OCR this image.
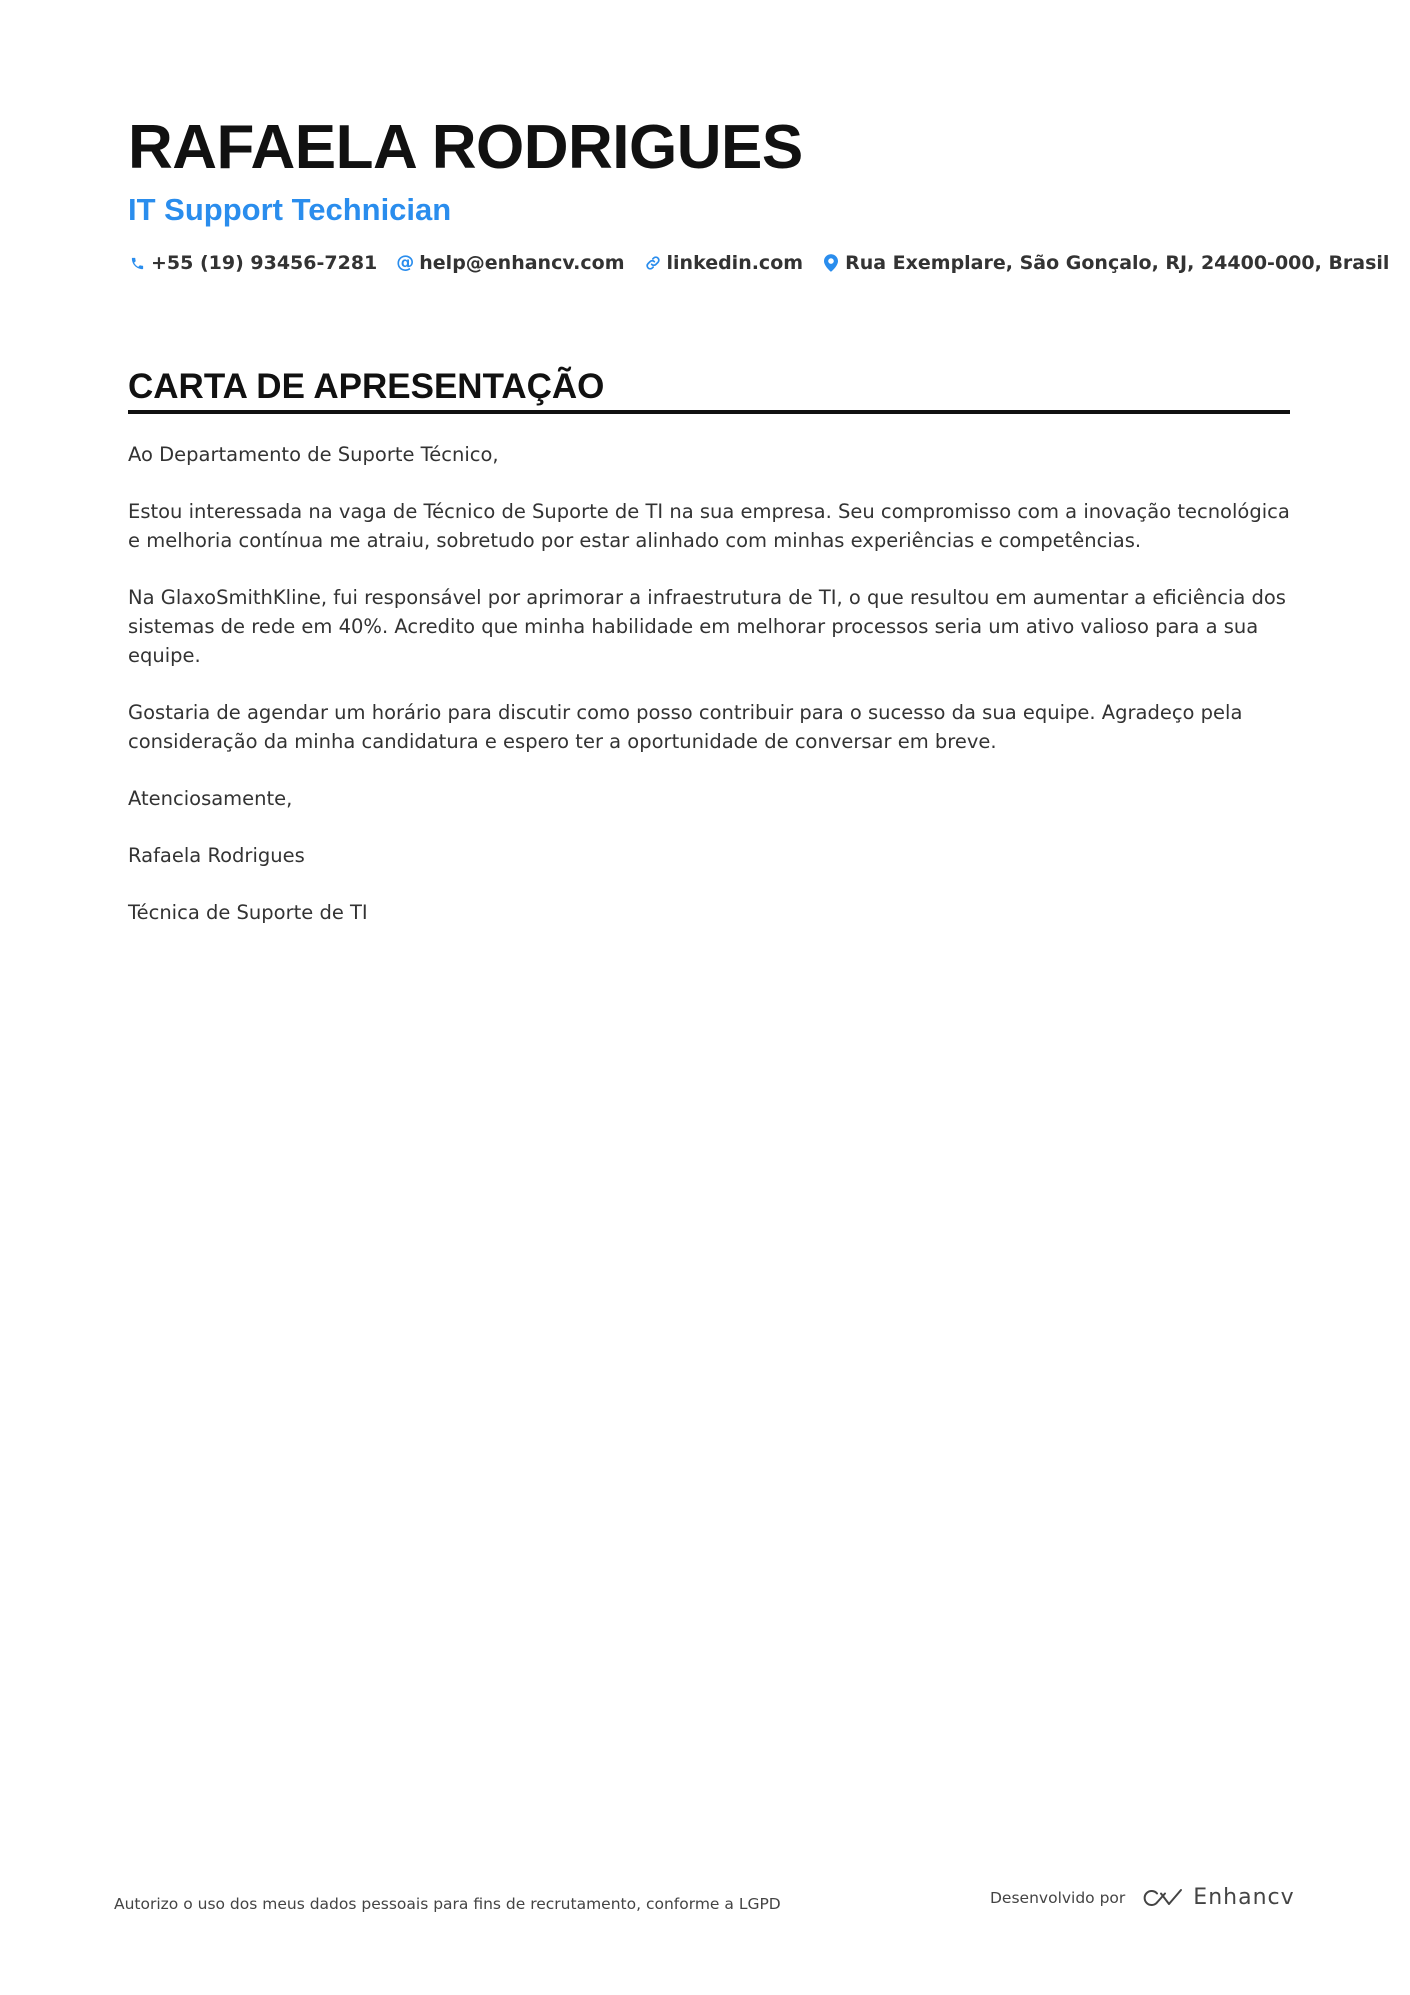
RAFAELA RODRIGUES
IT Support Technician
+55 (19) 93456-7281 @ help@enhancv.com linkedin.com Rua Exemplare, São Gonçalo, RJ, 24400-000, Brasil
CARTA DE APRESENTAÇÃO

Ao Departamento de Suporte Técnico,

Estou interessada na vaga de Técnico de Suporte de TI na sua empresa. Seu compromisso com a inovação tecnológica e melhoria contínua me atraiu, sobretudo por estar alinhado com minhas experiências e competências.

Na GlaxoSmithKline, fui responsável por aprimorar a infraestrutura de TI, o que resultou em aumentar a eficiência dos sistemas de rede em 40%. Acredito que minha habilidade em melhorar processos seria um ativo valioso para a sua equipe.

Gostaria de agendar um horário para discutir como posso contribuir para o sucesso da sua equipe. Agradeço pela consideração da minha candidatura e espero ter a oportunidade de conversar em breve.

Atenciosamente,

Rafaela Rodrigues

Técnica de Suporte de TI

Autorizo o uso dos meus dados pessoais para fins de recrutamento, conforme a LGPD	Desenvolvido por	Enhancv
